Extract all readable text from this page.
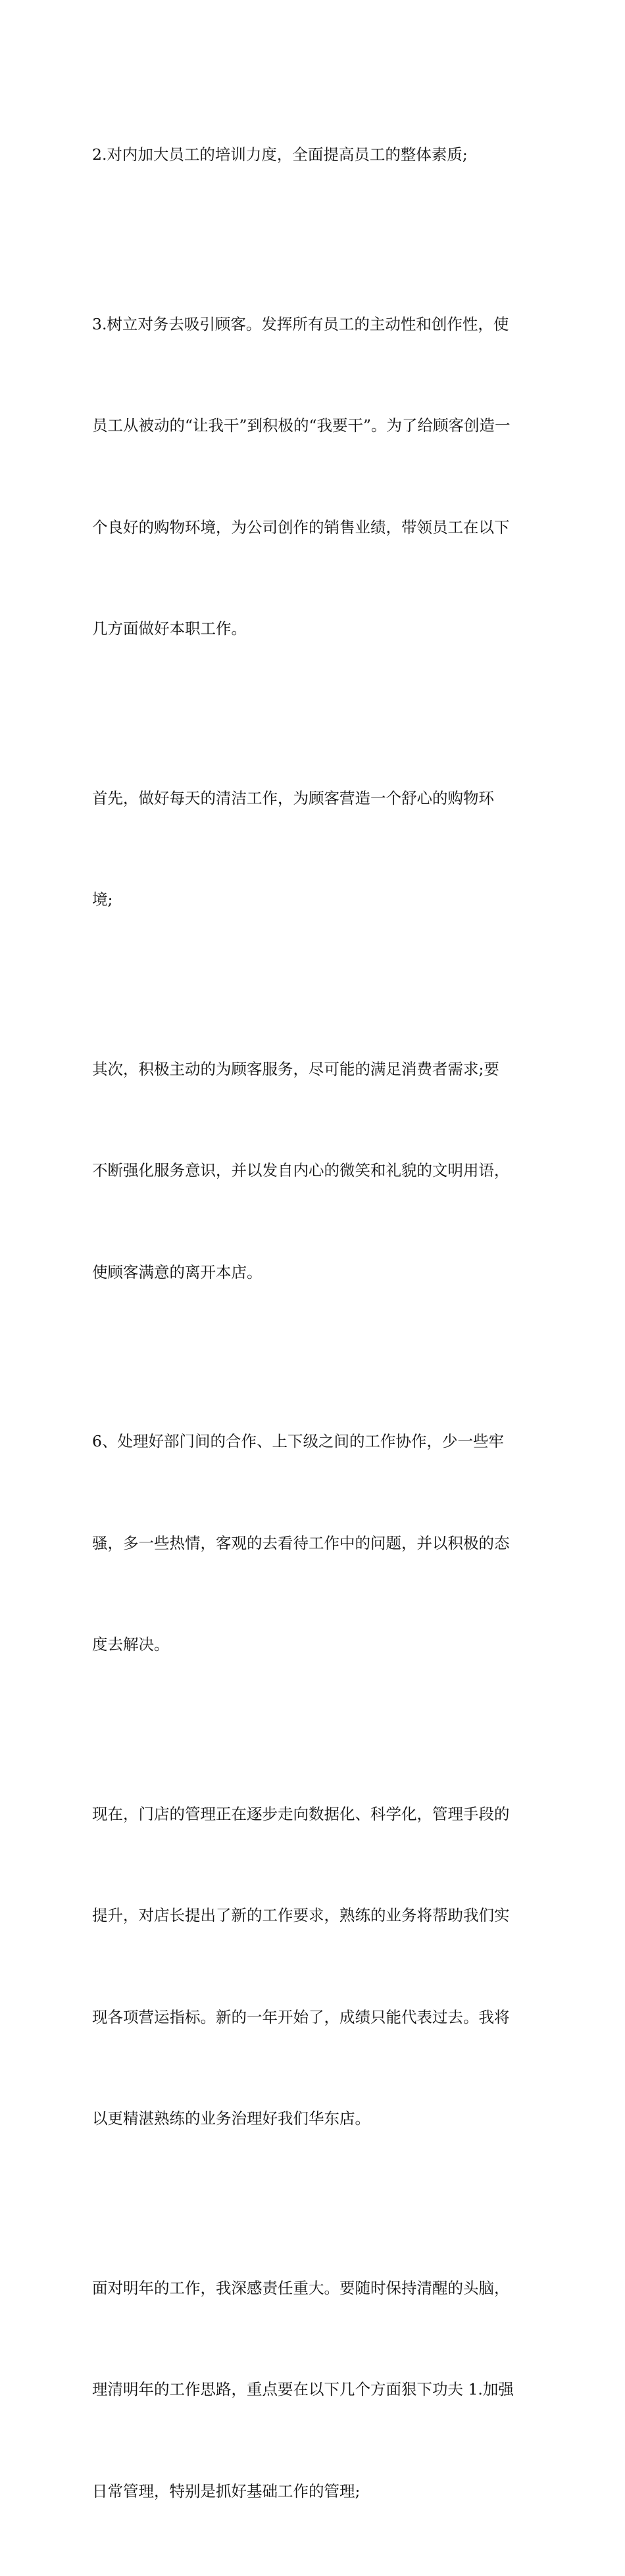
2.对内加大员工的培训力度，全面提高员工的整体素质;

3.树立对务去吸引顾客。发挥所有员工的主动性和创作性，使

员工从被动的“让我干”到积极的“我要干”。为了给顾客创造一

个良好的购物环境，为公司创作的销售业绩，带领员工在以下

几方面做好本职工作。

首先，做好每天的清洁工作，为顾客营造一个舒心的购物环

境;

其次，积极主动的为顾客服务，尽可能的满足消费者需求;要

不断强化服务意识，并以发自内心的微笑和礼貌的文明用语，

使顾客满意的离开本店。

6、处理好部门间的合作、上下级之间的工作协作，少一些牢

骚，多一些热情，客观的去看待工作中的问题，并以积极的态

度去解决。

现在，门店的管理正在逐步走向数据化、科学化，管理手段的

提升，对店长提出了新的工作要求，熟练的业务将帮助我们实

现各项营运指标。新的一年开始了，成绩只能代表过去。我将

以更精湛熟练的业务治理好我们华东店。

面对明年的工作，我深感责任重大。要随时保持清醒的头脑，

理清明年的工作思路，重点要在以下几个方面狠下功夫 1.加强

日常管理，特别是抓好基础工作的管理;
